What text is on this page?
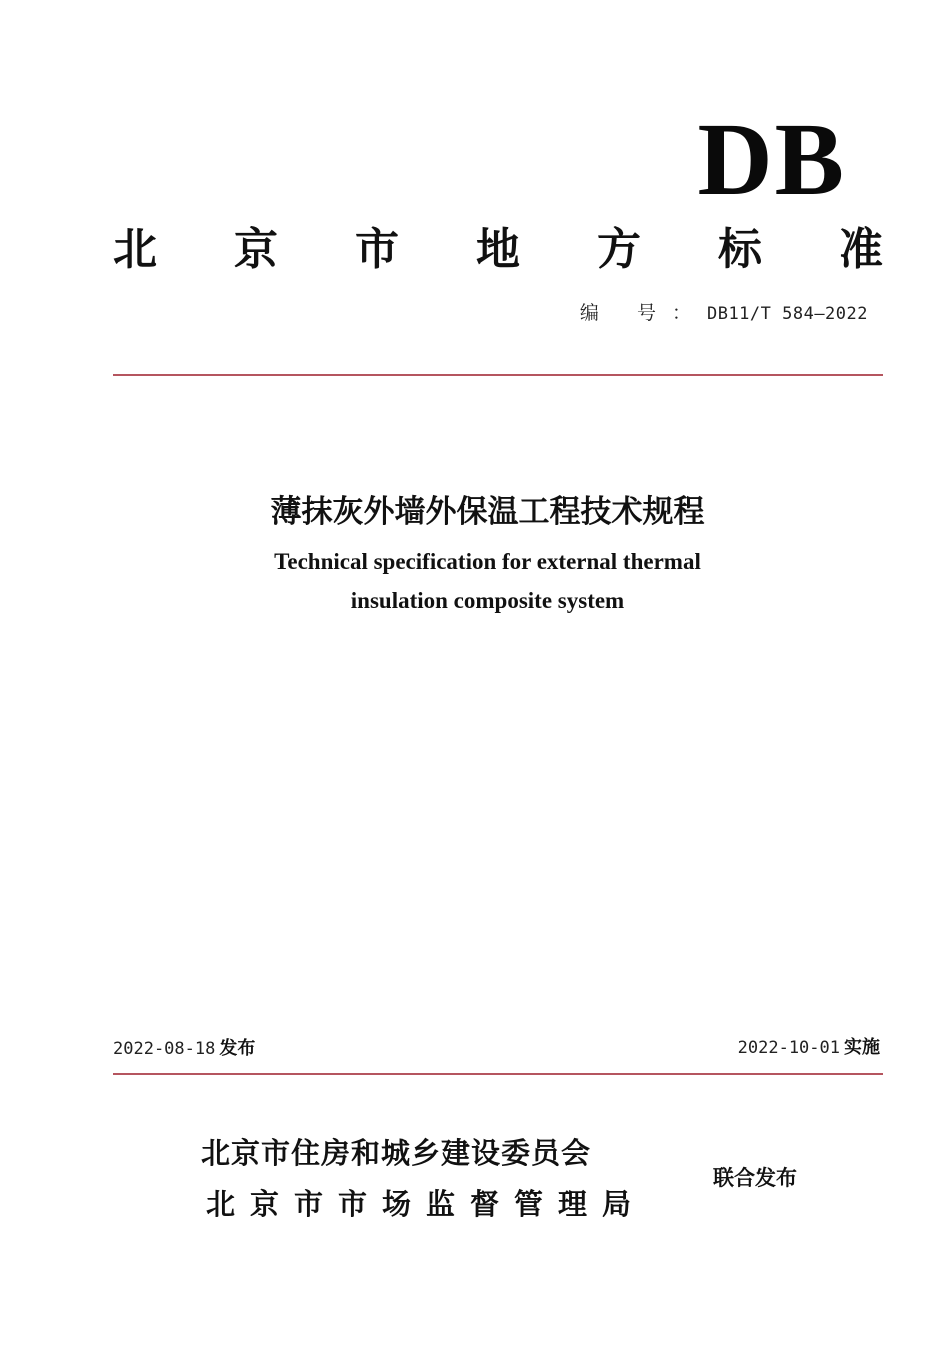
DB
北 京 市 地 方 标 准
编 号：DB11/T 584—2022
薄抹灰外墙外保温工程技术规程
Technical specification for external thermal
insulation composite system
2022-08-18 发布	2022-10-01 实施
北京市住房和城乡建设委员会
北京市市场监督管理局
联合发布
